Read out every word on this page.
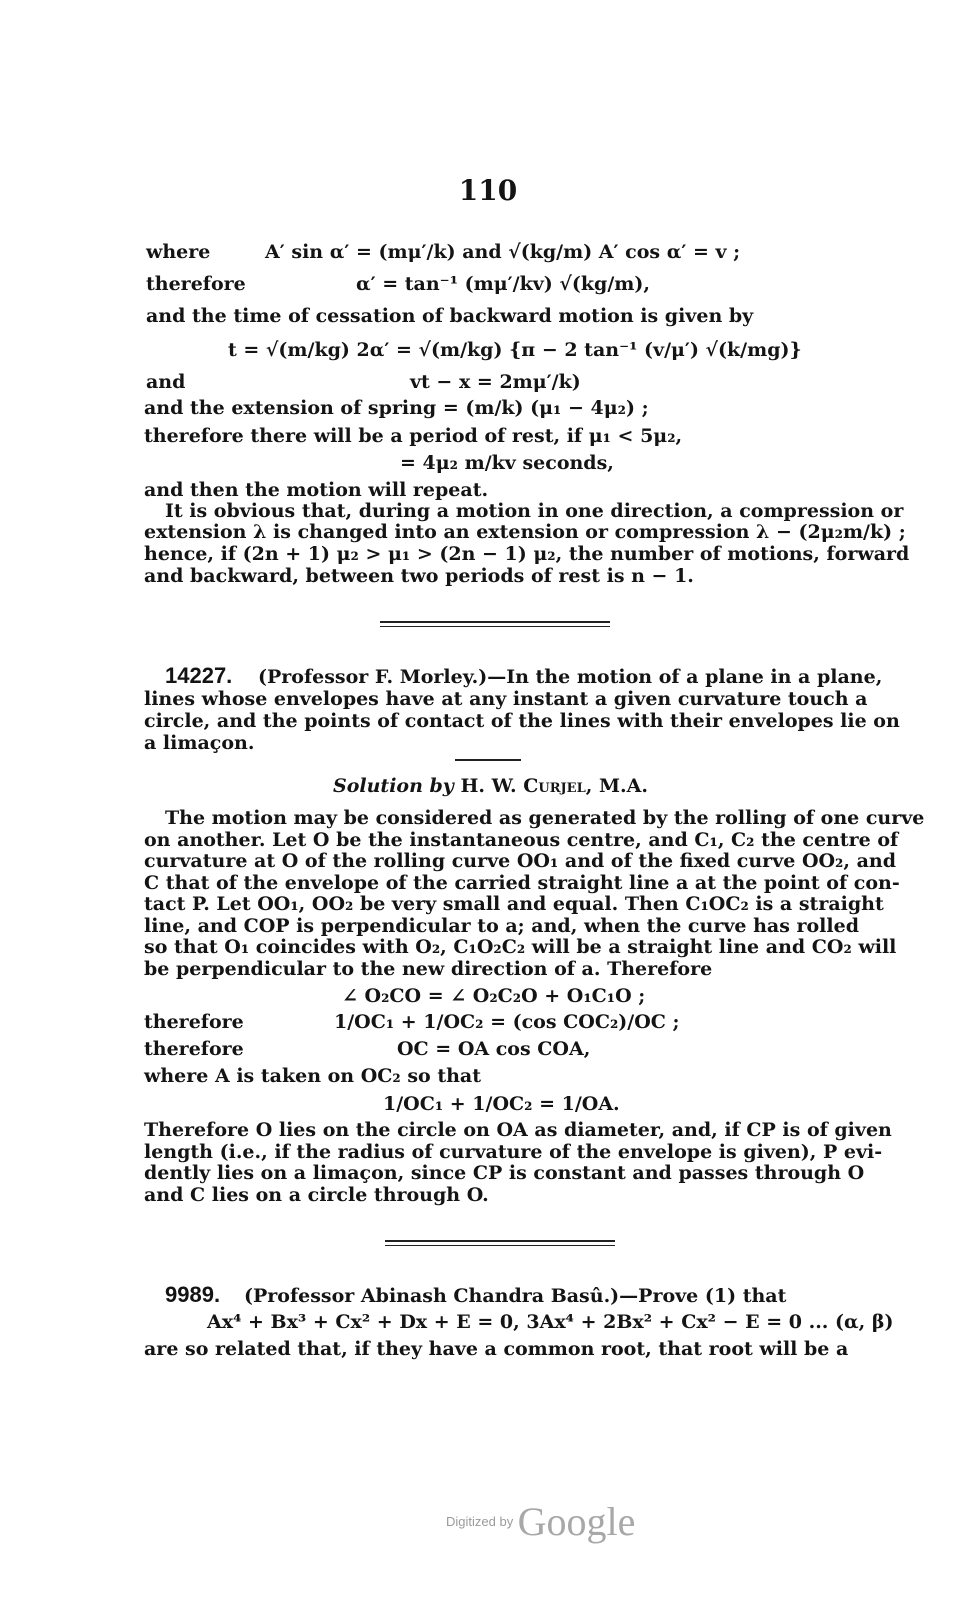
110
where	A′ sin α′ = (mμ′/k) and √(kg/m) A′ cos α′ = v ;
therefore	α′ = tan⁻¹ (mμ′/kv) √(kg/m),
and the time of cessation of backward motion is given by
t = √(m/kg) 2α′ = √(m/kg) {π − 2 tan⁻¹ (v/μ′) √(k/mg)}
and	vt − x = 2mμ′/k)
and the extension of spring = (m/k) (μ₁ − 4μ₂) ;
therefore there will be a period of rest, if μ₁ < 5μ₂,
= 4μ₂ m/kv seconds,
and then the motion will repeat.
It is obvious that, during a motion in one direction, a compression or
extension λ is changed into an extension or compression λ − (2μ₂m/k) ;
hence, if (2n + 1) μ₂ > μ₁ > (2n − 1) μ₂, the number of motions, forward
and backward, between two periods of rest is n − 1.
14227. (Professor F. Morley.)—In the motion of a plane in a plane,
lines whose envelopes have at any instant a given curvature touch a
circle, and the points of contact of the lines with their envelopes lie on
a limaçon.
Solution by H. W. Curjel, M.A.
The motion may be considered as generated by the rolling of one curve
on another. Let O be the instantaneous centre, and C₁, C₂ the centre of
curvature at O of the rolling curve OO₁ and of the fixed curve OO₂, and
C that of the envelope of the carried straight line a at the point of con-
tact P. Let OO₁, OO₂ be very small and equal. Then C₁OC₂ is a straight
line, and COP is perpendicular to a; and, when the curve has rolled
so that O₁ coincides with O₂, C₁O₂C₂ will be a straight line and CO₂ will
be perpendicular to the new direction of a. Therefore
∠ O₂CO = ∠ O₂C₂O + O₁C₁O ;
therefore	1/OC₁ + 1/OC₂ = (cos COC₂)/OC ;
therefore	OC = OA cos COA,
where A is taken on OC₂ so that
1/OC₁ + 1/OC₂ = 1/OA.
Therefore O lies on the circle on OA as diameter, and, if CP is of given
length (i.e., if the radius of curvature of the envelope is given), P evi-
dently lies on a limaçon, since CP is constant and passes through O
and C lies on a circle through O.
9989. (Professor Abinash Chandra Basû.)—Prove (1) that
Ax⁴ + Bx³ + Cx² + Dx + E = 0, 3Ax⁴ + 2Bx² + Cx² − E = 0 ... (α, β)
are so related that, if they have a common root, that root will be a
Digitized by Google
